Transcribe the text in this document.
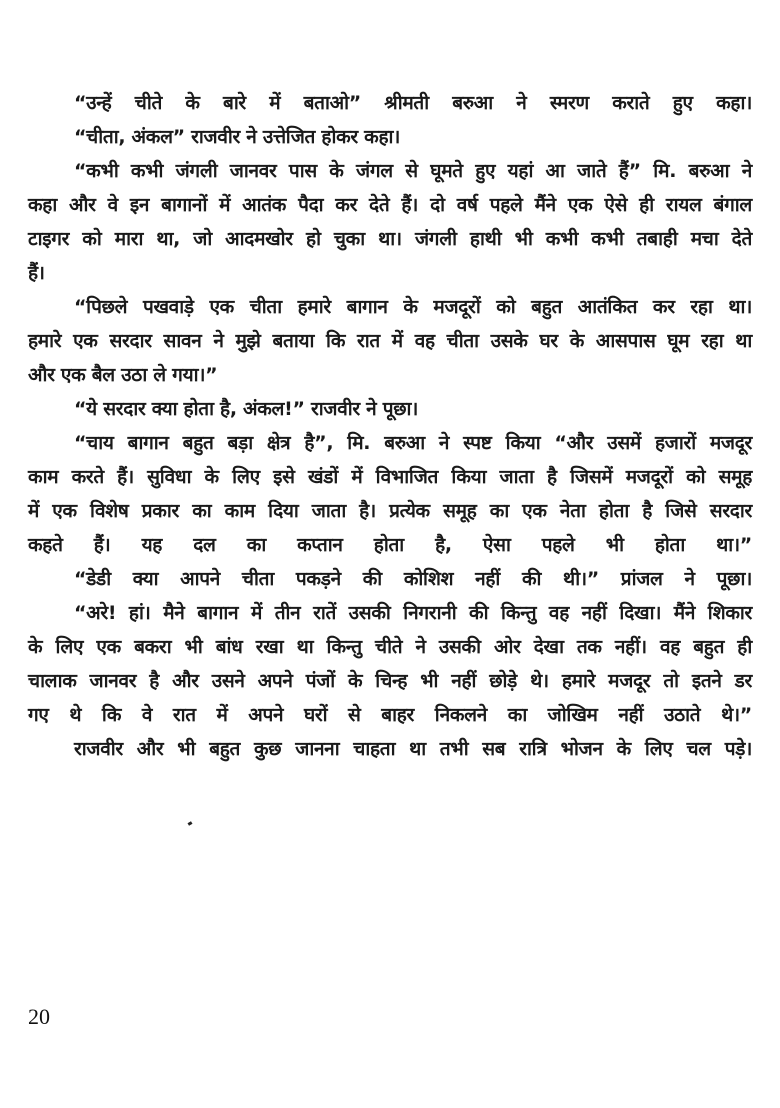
“उन्हें चीते के बारे में बताओ” श्रीमती बरुआ ने स्मरण कराते हुए कहा।
“चीता, अंकल” राजवीर ने उत्तेजित होकर कहा।
“कभी कभी जंगली जानवर पास के जंगल से घूमते हुए यहां आ जाते हैं” मि. बरुआ ने
कहा और वे इन बागानों में आतंक पैदा कर देते हैं। दो वर्ष पहले मैंने एक ऐसे ही रायल बंगाल
टाइगर को मारा था, जो आदमखोर हो चुका था। जंगली हाथी भी कभी कभी तबाही मचा देते
हैं।
“पिछले पखवाड़े एक चीता हमारे बागान के मजदूरों को बहुत आतंकित कर रहा था।
हमारे एक सरदार सावन ने मुझे बताया कि रात में वह चीता उसके घर के आसपास घूम रहा था
और एक बैल उठा ले गया।”
“ये सरदार क्या होता है, अंकल!” राजवीर ने पूछा।
“चाय बागान बहुत बड़ा क्षेत्र है”, मि. बरुआ ने स्पष्ट किया “और उसमें हजारों मजदूर
काम करते हैं। सुविधा के लिए इसे खंडों में विभाजित किया जाता है जिसमें मजदूरों को समूह
में एक विशेष प्रकार का काम दिया जाता है। प्रत्येक समूह का एक नेता होता है जिसे सरदार
कहते हैं। यह दल का कप्तान होता है, ऐसा पहले भी होता था।”
“डेडी क्या आपने चीता पकड़ने की कोशिश नहीं की थी।” प्रांजल ने पूछा।
“अरे! हां। मैने बागान में तीन रातें उसकी निगरानी की किन्तु वह नहीं दिखा। मैंने शिकार
के लिए एक बकरा भी बांध रखा था किन्तु चीते ने उसकी ओर देखा तक नहीं। वह बहुत ही
चालाक जानवर है और उसने अपने पंजों के चिन्ह भी नहीं छोड़े थे। हमारे मजदूर तो इतने डर
गए थे कि वे रात में अपने घरों से बाहर निकलने का जोखिम नहीं उठाते थे।”
राजवीर और भी बहुत कुछ जानना चाहता था तभी सब रात्रि भोजन के लिए चल पड़े।
20
